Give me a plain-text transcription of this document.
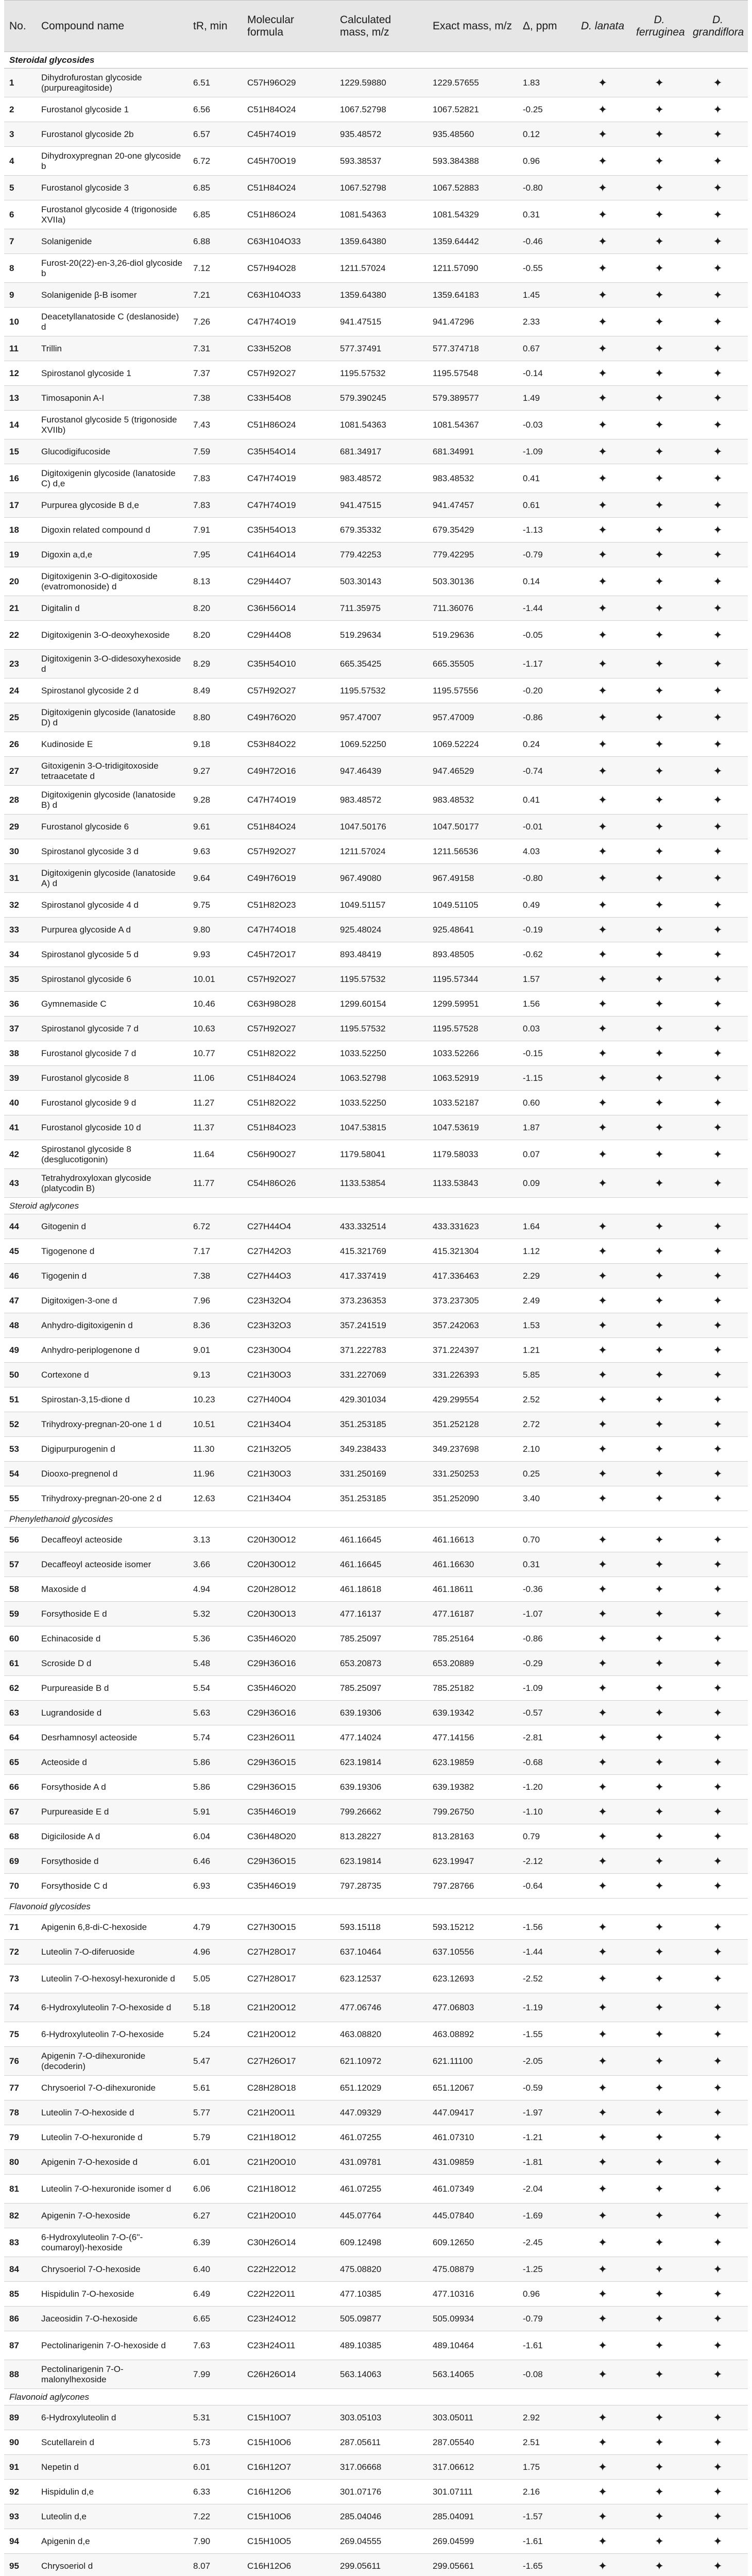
No.	Compound name	tR, min	Molecular formula	Calculated mass, m/z	Exact mass, m/z	Δ, ppm	D. lanata	D. ferruginea	D. grandiflora
Steroidal glycosides									
1	Dihydrofurostan glycoside (purpureagitoside)	6.51	C57H96O29	1229.59880	1229.57655	1.83	✦	✦	✦
2	Furostanol glycoside 1	6.56	C51H84O24	1067.52798	1067.52821	-0.25	✦	✦	✦
3	Furostanol glycoside 2b	6.57	C45H74O19	935.48572	935.48560	0.12	✦	✦	✦
4	Dihydroxypregnan 20-one glycoside b	6.72	C45H70O19	593.38537	593.384388	0.96	✦	✦	✦
5	Furostanol glycoside 3	6.85	C51H84O24	1067.52798	1067.52883	-0.80	✦	✦	✦
6	Furostanol glycoside 4 (trigonoside XVIIa)	6.85	C51H86O24	1081.54363	1081.54329	0.31	✦	✦	✦
7	Solanigenide	6.88	C63H104O33	1359.64380	1359.64442	-0.46	✦	✦	✦
8	Furost-20(22)-en-3,26-diol glycoside b	7.12	C57H94O28	1211.57024	1211.57090	-0.55	✦	✦	✦
9	Solanigenide β-Β isomer	7.21	C63H104O33	1359.64380	1359.64183	1.45	✦	✦	✦
10	Deacetyllanatoside C (deslanoside) d	7.26	C47H74O19	941.47515	941.47296	2.33	✦	✦	✦
11	Trillin	7.31	C33H52O8	577.37491	577.374718	0.67	✦	✦	✦
12	Spirostanol glycoside 1	7.37	C57H92O27	1195.57532	1195.57548	-0.14	✦	✦	✦
13	Timosaponin A-I	7.38	C33H54O8	579.390245	579.389577	1.49	✦	✦	✦
14	Furostanol glycoside 5 (trigonoside XVIIb)	7.43	C51H86O24	1081.54363	1081.54367	-0.03	✦	✦	✦
15	Glucodigifucoside	7.59	C35H54O14	681.34917	681.34991	-1.09	✦	✦	✦
16	Digitoxigenin glycoside (lanatoside C) d,e	7.83	C47H74O19	983.48572	983.48532	0.41	✦	✦	✦
17	Purpurea glycoside B d,e	7.83	C47H74O19	941.47515	941.47457	0.61	✦	✦	✦
18	Digoxin related compound d	7.91	C35H54O13	679.35332	679.35429	-1.13	✦	✦	✦
19	Digoxin a,d,e	7.95	C41H64O14	779.42253	779.42295	-0.79	✦	✦	✦
20	Digitoxigenin 3-O-digitoxoside (evatromonoside) d	8.13	C29H44O7	503.30143	503.30136	0.14	✦	✦	✦
21	Digitalin d	8.20	C36H56O14	711.35975	711.36076	-1.44	✦	✦	✦
22	Digitoxigenin 3-O-deoxyhexoside	8.20	C29H44O8	519.29634	519.29636	-0.05	✦	✦	✦
23	Digitoxigenin 3-O-didesoxyhexoside d	8.29	C35H54O10	665.35425	665.35505	-1.17	✦	✦	✦
24	Spirostanol glycoside 2 d	8.49	C57H92O27	1195.57532	1195.57556	-0.20	✦	✦	✦
25	Digitoxigenin glycoside (lanatoside D) d	8.80	C49H76O20	957.47007	957.47009	-0.86	✦	✦	✦
26	Kudinoside E	9.18	C53H84O22	1069.52250	1069.52224	0.24	✦	✦	✦
27	Gitoxigenin 3-O-tridigitoxoside tetraacetate d	9.27	C49H72O16	947.46439	947.46529	-0.74	✦	✦	✦
28	Digitoxigenin glycoside (lanatoside B) d	9.28	C47H74O19	983.48572	983.48532	0.41	✦	✦	✦
29	Furostanol glycoside 6	9.61	C51H84O24	1047.50176	1047.50177	-0.01	✦	✦	✦
30	Spirostanol glycoside 3 d	9.63	C57H92O27	1211.57024	1211.56536	4.03	✦	✦	✦
31	Digitoxigenin glycoside (lanatoside A) d	9.64	C49H76O19	967.49080	967.49158	-0.80	✦	✦	✦
32	Spirostanol glycoside 4 d	9.75	C51H82O23	1049.51157	1049.51105	0.49	✦	✦	✦
33	Purpurea glycoside A d	9.80	C47H74O18	925.48024	925.48641	-0.19	✦	✦	✦
34	Spirostanol glycoside 5 d	9.93	C45H72O17	893.48419	893.48505	-0.62	✦	✦	✦
35	Spirostanol glycoside 6	10.01	C57H92O27	1195.57532	1195.57344	1.57	✦	✦	✦
36	Gymnemaside C	10.46	C63H98O28	1299.60154	1299.59951	1.56	✦	✦	✦
37	Spirostanol glycoside 7 d	10.63	C57H92O27	1195.57532	1195.57528	0.03	✦	✦	✦
38	Furostanol glycoside 7 d	10.77	C51H82O22	1033.52250	1033.52266	-0.15	✦	✦	✦
39	Furostanol glycoside 8	11.06	C51H84O24	1063.52798	1063.52919	-1.15	✦	✦	✦
40	Furostanol glycoside 9 d	11.27	C51H82O22	1033.52250	1033.52187	0.60	✦	✦	✦
41	Furostanol glycoside 10 d	11.37	C51H84O23	1047.53815	1047.53619	1.87	✦	✦	✦
42	Spirostanol glycoside 8 (desglucotigonin)	11.64	C56H90O27	1179.58041	1179.58033	0.07	✦	✦	✦
43	Tetrahydroxyloxan glycoside (platycodin B)	11.77	C54H86O26	1133.53854	1133.53843	0.09	✦	✦	✦
Steroid aglycones									
44	Gitogenin d	6.72	C27H44O4	433.332514	433.331623	1.64	✦	✦	✦
45	Tigogenone d	7.17	C27H42O3	415.321769	415.321304	1.12	✦	✦	✦
46	Tigogenin d	7.38	C27H44O3	417.337419	417.336463	2.29	✦	✦	✦
47	Digitoxigen-3-one d	7.96	C23H32O4	373.236353	373.237305	2.49	✦	✦	✦
48	Anhydro-digitoxigenin d	8.36	C23H32O3	357.241519	357.242063	1.53	✦	✦	✦
49	Anhydro-periplogenone d	9.01	C23H30O4	371.222783	371.224397	1.21	✦	✦	✦
50	Cortexone d	9.13	C21H30O3	331.227069	331.226393	5.85	✦	✦	✦
51	Spirostan-3,15-dione d	10.23	C27H40O4	429.301034	429.299554	2.52	✦	✦	✦
52	Trihydroxy-pregnan-20-one 1 d	10.51	C21H34O4	351.253185	351.252128	2.72	✦	✦	✦
53	Digipurpurogenin d	11.30	C21H32O5	349.238433	349.237698	2.10	✦	✦	✦
54	Diooxo-pregnenol d	11.96	C21H30O3	331.250169	331.250253	0.25	✦	✦	✦
55	Trihydroxy-pregnan-20-one 2 d	12.63	C21H34O4	351.253185	351.252090	3.40	✦	✦	✦
Phenylethanoid glycosides									
56	Decaffeoyl acteoside	3.13	C20H30O12	461.16645	461.16613	0.70	✦	✦	✦
57	Decaffeoyl acteoside isomer	3.66	C20H30O12	461.16645	461.16630	0.31	✦	✦	✦
58	Maxoside d	4.94	C20H28O12	461.18618	461.18611	-0.36	✦	✦	✦
59	Forsythoside E d	5.32	C20H30O13	477.16137	477.16187	-1.07	✦	✦	✦
60	Echinacoside d	5.36	C35H46O20	785.25097	785.25164	-0.86	✦	✦	✦
61	Scroside D d	5.48	C29H36O16	653.20873	653.20889	-0.29	✦	✦	✦
62	Purpureaside B d	5.54	C35H46O20	785.25097	785.25182	-1.09	✦	✦	✦
63	Lugrandoside d	5.63	C29H36O16	639.19306	639.19342	-0.57	✦	✦	✦
64	Desrhamnosyl acteoside	5.74	C23H26O11	477.14024	477.14156	-2.81	✦	✦	✦
65	Acteoside d	5.86	C29H36O15	623.19814	623.19859	-0.68	✦	✦	✦
66	Forsythoside A d	5.86	C29H36O15	639.19306	639.19382	-1.20	✦	✦	✦
67	Purpureaside E d	5.91	C35H46O19	799.26662	799.26750	-1.10	✦	✦	✦
68	Digiciloside A d	6.04	C36H48O20	813.28227	813.28163	0.79	✦	✦	✦
69	Forsythoside d	6.46	C29H36O15	623.19814	623.19947	-2.12	✦	✦	✦
70	Forsythoside C d	6.93	C35H46O19	797.28735	797.28766	-0.64	✦	✦	✦
Flavonoid glycosides									
71	Apigenin 6,8-di-C-hexoside	4.79	C27H30O15	593.15118	593.15212	-1.56	✦	✦	✦
72	Luteolin 7-O-diferuoside	4.96	C27H28O17	637.10464	637.10556	-1.44	✦	✦	✦
73	Luteolin 7-O-hexosyl-hexuronide d	5.05	C27H28O17	623.12537	623.12693	-2.52	✦	✦	✦
74	6-Hydroxyluteolin 7-O-hexoside d	5.18	C21H20O12	477.06746	477.06803	-1.19	✦	✦	✦
75	6-Hydroxyluteolin 7-O-hexoside	5.24	C21H20O12	463.08820	463.08892	-1.55	✦	✦	✦
76	Apigenin 7-O-dihexuronide (decoderin)	5.47	C27H26O17	621.10972	621.11100	-2.05	✦	✦	✦
77	Chrysoeriol 7-O-dihexuronide	5.61	C28H28O18	651.12029	651.12067	-0.59	✦	✦	✦
78	Luteolin 7-O-hexoside d	5.77	C21H20O11	447.09329	447.09417	-1.97	✦	✦	✦
79	Luteolin 7-O-hexuronide d	5.79	C21H18O12	461.07255	461.07310	-1.21	✦	✦	✦
80	Apigenin 7-O-hexoside d	6.01	C21H20O10	431.09781	431.09859	-1.81	✦	✦	✦
81	Luteolin 7-O-hexuronide isomer d	6.06	C21H18O12	461.07255	461.07349	-2.04	✦	✦	✦
82	Apigenin 7-O-hexoside	6.27	C21H20O10	445.07764	445.07840	-1.69	✦	✦	✦
83	6-Hydroxyluteolin 7-O-(6''-coumaroyl)-hexoside	6.39	C30H26O14	609.12498	609.12650	-2.45	✦	✦	✦
84	Chrysoeriol 7-O-hexoside	6.40	C22H22O12	475.08820	475.08879	-1.25	✦	✦	✦
85	Hispidulin 7-O-hexoside	6.49	C22H22O11	477.10385	477.10316	0.96	✦	✦	✦
86	Jaceosidin 7-O-hexoside	6.65	C23H24O12	505.09877	505.09934	-0.79	✦	✦	✦
87	Pectolinarigenin 7-O-hexoside d	7.63	C23H24O11	489.10385	489.10464	-1.61	✦	✦	✦
88	Pectolinarigenin 7-O-malonylhexoside	7.99	C26H26O14	563.14063	563.14065	-0.08	✦	✦	✦
Flavonoid aglycones									
89	6-Hydroxyluteolin d	5.31	C15H10O7	303.05103	303.05011	2.92	✦	✦	✦
90	Scutellarein d	5.73	C15H10O6	287.05611	287.05540	2.51	✦	✦	✦
91	Nepetin d	6.01	C16H12O7	317.06668	317.06612	1.75	✦	✦	✦
92	Hispidulin d,e	6.33	C16H12O6	301.07176	301.07111	2.16	✦	✦	✦
93	Luteolin d,e	7.22	C15H10O6	285.04046	285.04091	-1.57	✦	✦	✦
94	Apigenin d,e	7.90	C15H10O5	269.04555	269.04599	-1.61	✦	✦	✦
95	Chrysoeriol d	8.07	C16H12O6	299.05611	299.05661	-1.65	✦	✦	✦
